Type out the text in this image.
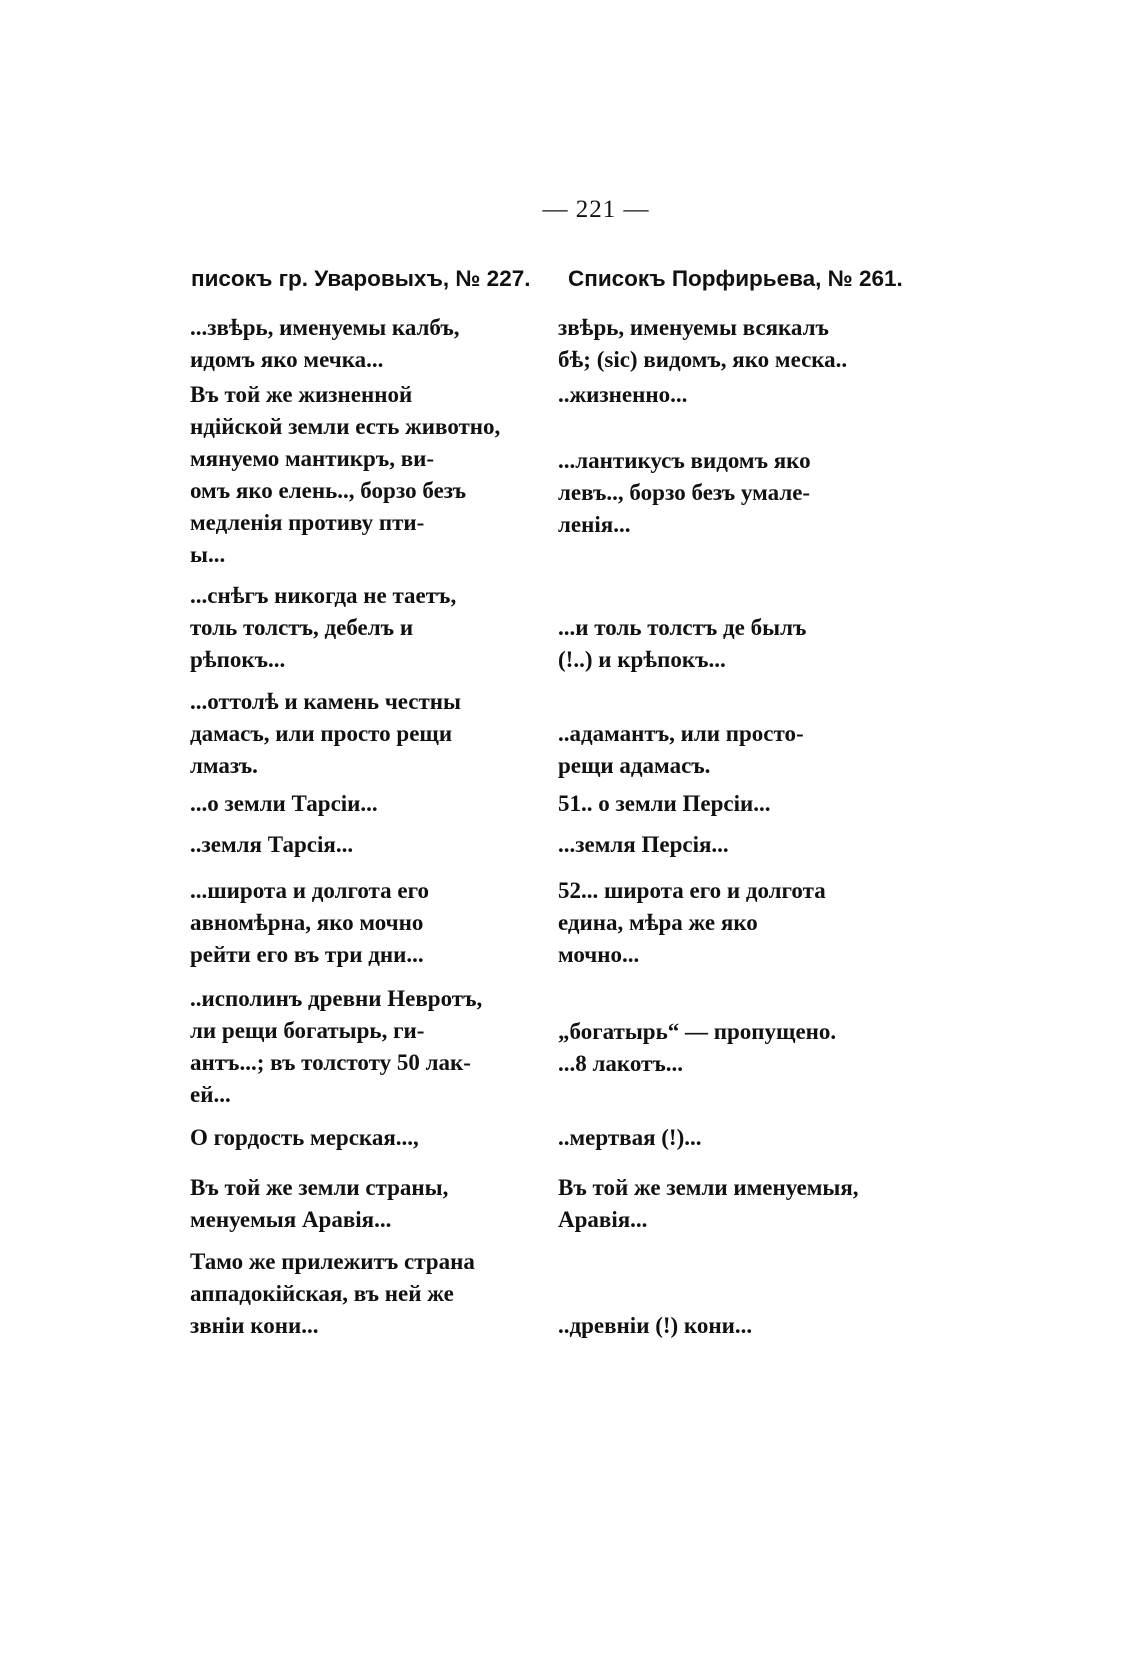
— 221 —
писокъ гр. Уваровыхъ, № 227. Списокъ Порфирьева, № 261.
...звѣрь, именуемы калбъ,
идомъ яко мечка...
Въ той же жизненной
ндійской земли есть животно,
мянуемо мантикръ, ви-
омъ яко елень.., борзо безъ
медленія противу пти-
ы...
...снѣгъ никогда не таетъ,
толь толстъ, дебелъ и
рѣпокъ...
...оттолѣ и камень честны
дамасъ, или просто рещи
лмазъ.
...о земли Тарсіи...
..земля Тарсія...
...широта и долгота его
авномѣрна, яко мочно
рейти его въ три дни...
..исполинъ древни Невротъ,
ли рещи богатырь, ги-
антъ...; въ толстоту 50 лак-
ей...
О гордость мерская...,
Въ той же земли страны,
менуемыя Аравія...
Тамо же прилежитъ страна
аппадокійская, въ ней же
звніи кони...
звѣрь, именуемы всякалъ
бѣ; (sic) видомъ, яко меска..
..жизненно...
...лантикусъ видомъ яко
левъ.., борзо безъ умале-
ленія...
...и толь толстъ де былъ
(!..) и крѣпокъ...
..адамантъ, или просто-
рещи адамасъ.
51.. о земли Персіи...
...земля Персія...
52... широта его и долгота
едина, мѣра же яко
мочно...
„богатырь“ — пропущено.
...8 лакотъ...
..мертвая (!)...
Въ той же земли именуемыя,
Аравія...
..древніи (!) кони...
